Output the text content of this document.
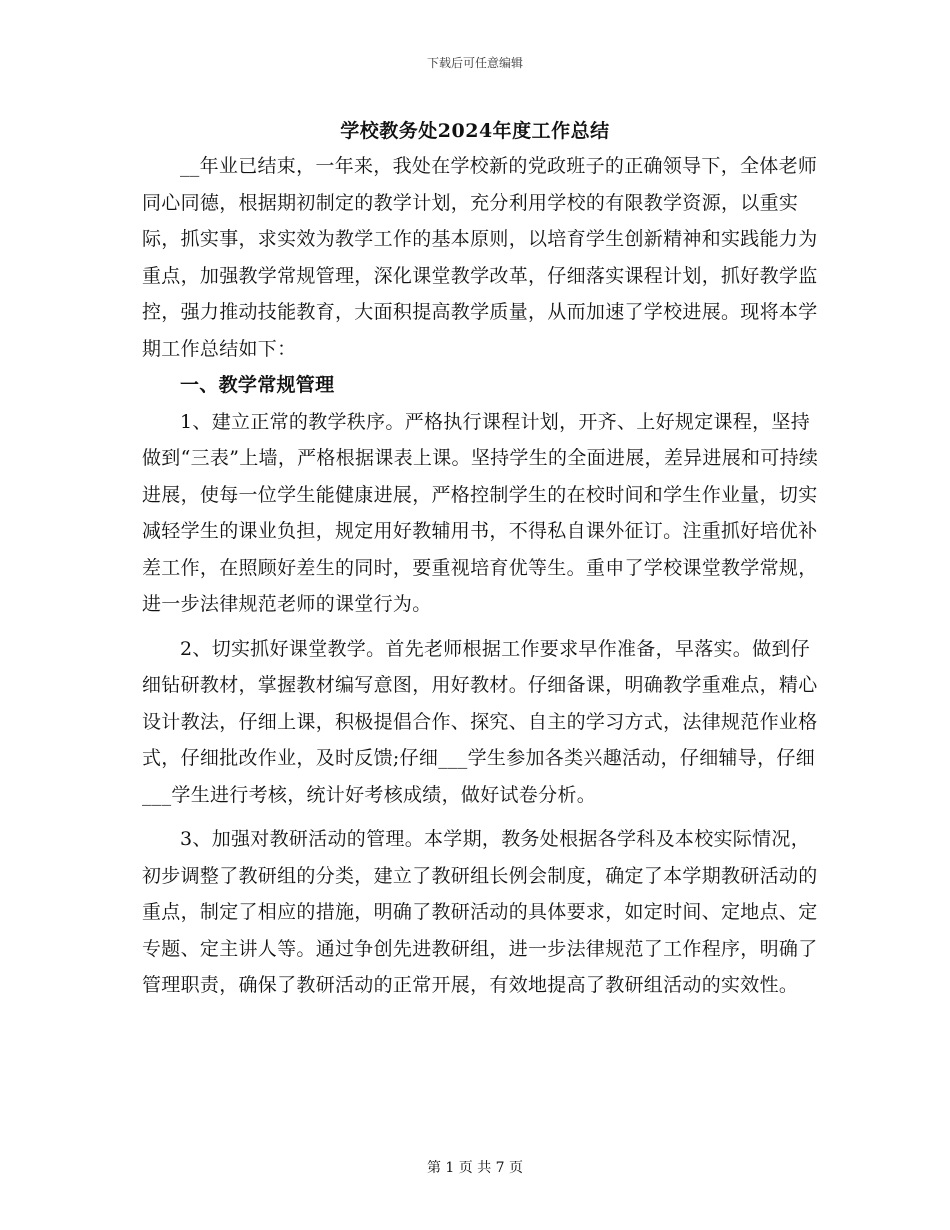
下载后可任意编辑
学校教务处2024年度工作总结

__年业已结束，一年来，我处在学校新的党政班子的正确领导下，全体老师同心同德，根据期初制定的教学计划，充分利用学校的有限教学资源，以重实际，抓实事，求实效为教学工作的基本原则，以培育学生创新精神和实践能力为重点，加强教学常规管理，深化课堂教学改革，仔细落实课程计划，抓好教学监控，强力推动技能教育，大面积提高教学质量，从而加速了学校进展。现将本学期工作总结如下：

一、教学常规管理

1、建立正常的教学秩序。严格执行课程计划，开齐、上好规定课程，坚持做到“三表”上墙，严格根据课表上课。坚持学生的全面进展，差异进展和可持续进展，使每一位学生能健康进展，严格控制学生的在校时间和学生作业量，切实减轻学生的课业负担，规定用好教辅用书，不得私自课外征订。注重抓好培优补差工作，在照顾好差生的同时，要重视培育优等生。重申了学校课堂教学常规，进一步法律规范老师的课堂行为。

2、切实抓好课堂教学。首先老师根据工作要求早作准备，早落实。做到仔细钻研教材，掌握教材编写意图，用好教材。仔细备课，明确教学重难点，精心设计教法，仔细上课，积极提倡合作、探究、自主的学习方式，法律规范作业格式，仔细批改作业，及时反馈;仔细___学生参加各类兴趣活动，仔细辅导，仔细___学生进行考核，统计好考核成绩，做好试卷分析。

3、加强对教研活动的管理。本学期，教务处根据各学科及本校实际情况，初步调整了教研组的分类，建立了教研组长例会制度，确定了本学期教研活动的重点，制定了相应的措施，明确了教研活动的具体要求，如定时间、定地点、定专题、定主讲人等。通过争创先进教研组，进一步法律规范了工作程序，明确了管理职责，确保了教研活动的正常开展，有效地提高了教研组活动的实效性。

第 1 页 共 7 页
